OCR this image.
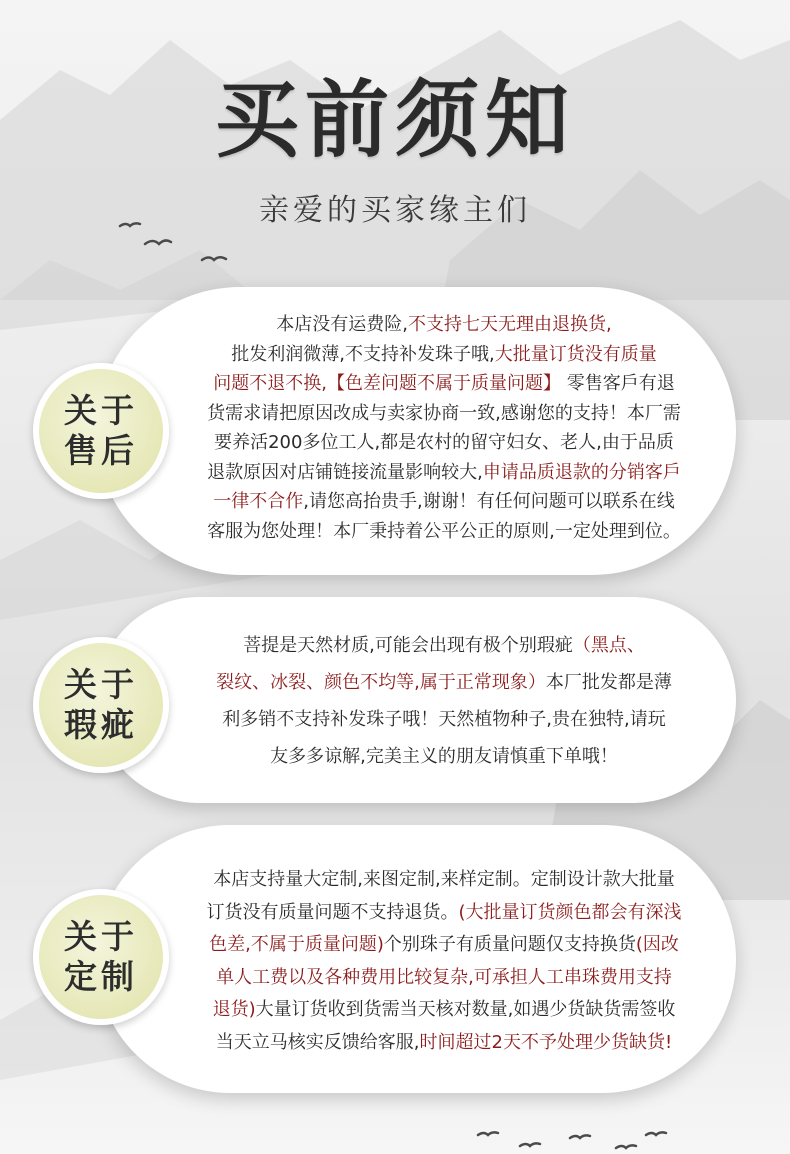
买前须知
亲爱的买家缘主们
关于
售后
本店没有运费险,不支持七天无理由退换货,
批发利润微薄,不支持补发珠子哦,大批量订货没有质量
问题不退不换,【色差问题不属于质量问题】 零售客戶有退
货需求请把原因改成与卖家协商一致,感谢您的支持！本厂需
要养活200多位工人,都是农村的留守妇女、老人,由于品质
退款原因对店铺链接流量影响较大,申请品质退款的分销客戶
一律不合作,请您高抬贵手,谢谢！有任何问题可以联系在线
客服为您处理！本厂秉持着公平公正的原则,一定处理到位。
关于
瑕疵
菩提是天然材质,可能会出现有极个别瑕疵（黑点、
裂纹、冰裂、颜色不均等,属于正常现象）本厂批发都是薄
利多销不支持补发珠子哦！天然植物种子,贵在独特,请玩
友多多谅解,完美主义的朋友请慎重下单哦！
关于
定制
本店支持量大定制,来图定制,来样定制。定制设计款大批量
订货没有质量问题不支持退货。(大批量订货颜色都会有深浅
色差,不属于质量问题)个别珠子有质量问题仅支持换货(因改
单人工费以及各种费用比较复杂,可承担人工串珠费用支持
退货)大量订货收到货需当天核对数量,如遇少货缺货需签收
当天立马核实反馈给客服,时间超过2天不予处理少货缺货!
